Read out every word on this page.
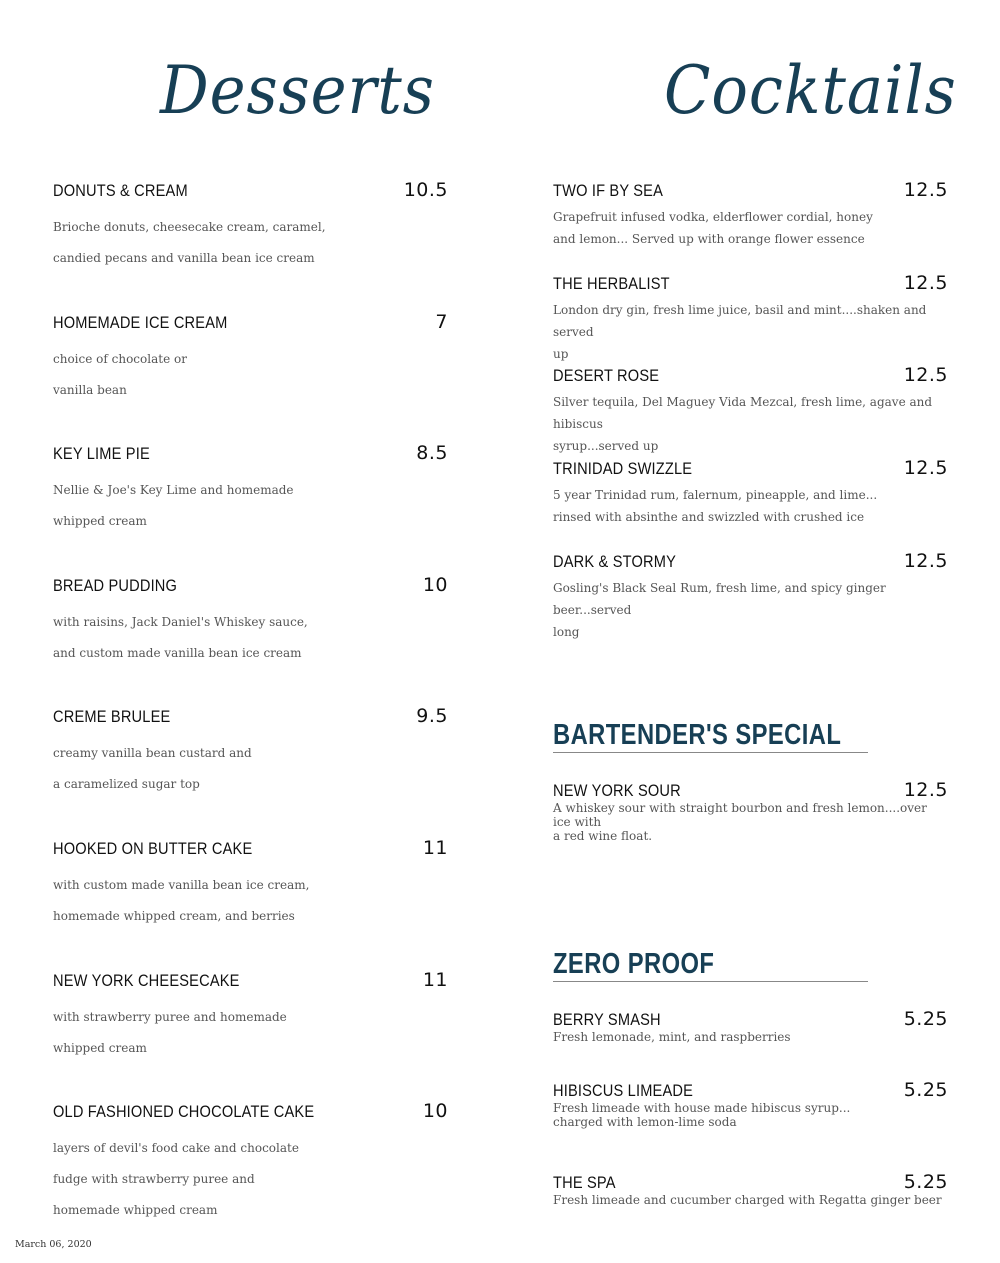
Desserts	Cocktails
DONUTS & CREAM	10.5
Brioche donuts, cheesecake cream, caramel,
candied pecans and vanilla bean ice cream
HOMEMADE ICE CREAM	7
choice of chocolate or
vanilla bean
KEY LIME PIE	8.5
Nellie & Joe's Key Lime and homemade
whipped cream
BREAD PUDDING	10
with raisins, Jack Daniel's Whiskey sauce,
and custom made vanilla bean ice cream
CREME BRULEE	9.5
creamy vanilla bean custard and
a caramelized sugar top
HOOKED ON BUTTER CAKE	11
with custom made vanilla bean ice cream,
homemade whipped cream, and berries
NEW YORK CHEESECAKE	11
with strawberry puree and homemade
whipped cream
OLD FASHIONED CHOCOLATE CAKE	10
layers of devil's food cake and chocolate
fudge with strawberry puree and
homemade whipped cream
TWO IF BY SEA	12.5
Grapefruit infused vodka, elderflower cordial, honey
and lemon... Served up with orange flower essence
THE HERBALIST	12.5
London dry gin, fresh lime juice, basil and mint....shaken and served
up
DESERT ROSE	12.5
Silver tequila, Del Maguey Vida Mezcal, fresh lime, agave and hibiscus
syrup...served up
TRINIDAD SWIZZLE	12.5
5 year Trinidad rum, falernum, pineapple, and lime...
rinsed with absinthe and swizzled with crushed ice
DARK & STORMY	12.5
Gosling's Black Seal Rum, fresh lime, and spicy ginger beer...served
long
BARTENDER'S SPECIAL
NEW YORK SOUR	12.5
A whiskey sour with straight bourbon and fresh lemon....over ice with
a red wine float.
ZERO PROOF
BERRY SMASH	5.25
Fresh lemonade, mint, and raspberries
HIBISCUS LIMEADE	5.25
Fresh limeade with house made hibiscus syrup...
charged with lemon-lime soda
THE SPA	5.25
Fresh limeade and cucumber charged with Regatta ginger beer
March 06, 2020
